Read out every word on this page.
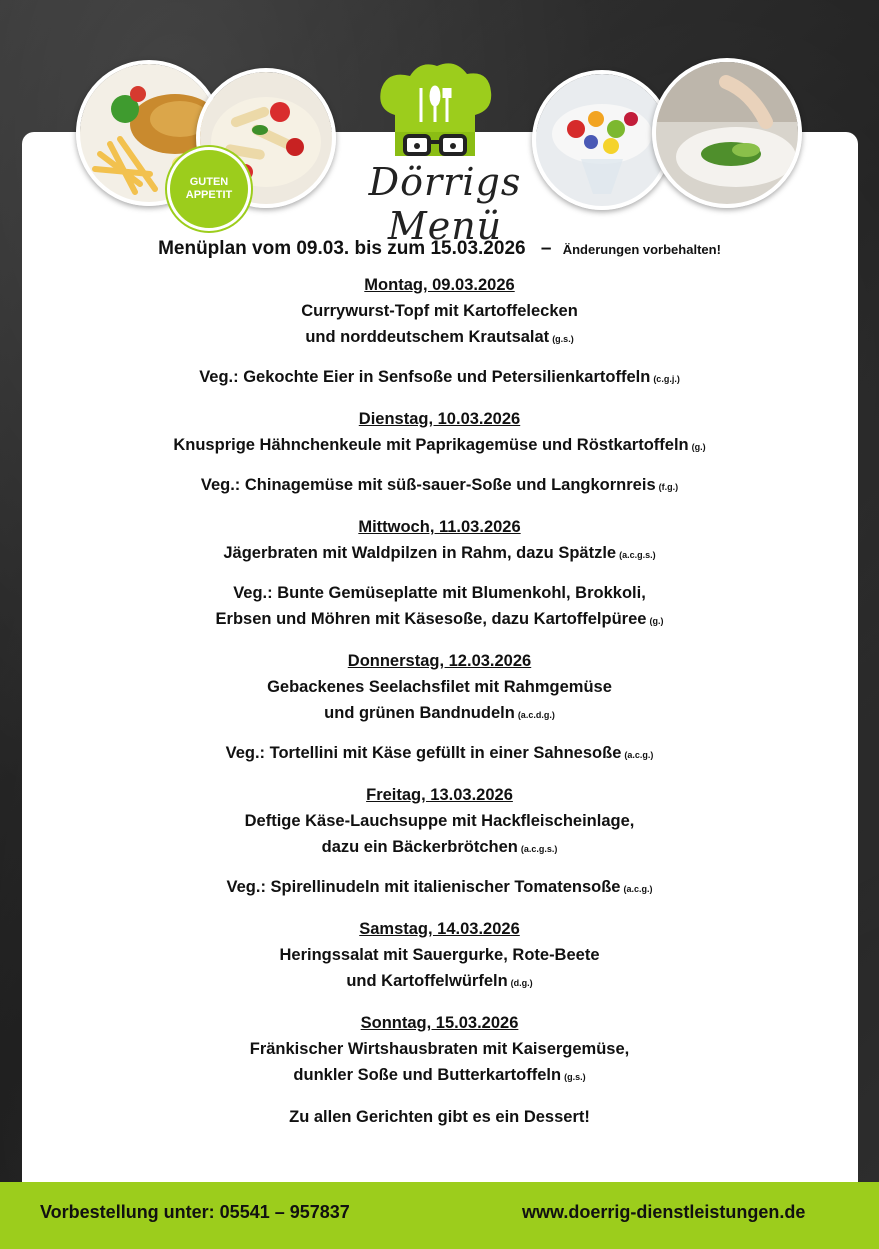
GUTEN
APPETIT	Dörrigs Menü
Menüplan vom 09.03. bis zum 15.03.2026 – Änderungen vorbehalten!
Montag, 09.03.2026
Currywurst-Topf mit Kartoffelecken
und norddeutschem Krautsalat (g.s.)
Veg.: Gekochte Eier in Senfsoße und Petersilienkartoffeln (c.g.j.)
Dienstag, 10.03.2026
Knusprige Hähnchenkeule mit Paprikagemüse und Röstkartoffeln (g.)
Veg.: Chinagemüse mit süß-sauer-Soße und Langkornreis (f.g.)
Mittwoch, 11.03.2026
Jägerbraten mit Waldpilzen in Rahm, dazu Spätzle (a.c.g.s.)
Veg.: Bunte Gemüseplatte mit Blumenkohl, Brokkoli,
Erbsen und Möhren mit Käsesoße, dazu Kartoffelpüree (g.)
Donnerstag, 12.03.2026
Gebackenes Seelachsfilet mit Rahmgemüse
und grünen Bandnudeln (a.c.d.g.)
Veg.: Tortellini mit Käse gefüllt in einer Sahnesoße (a.c.g.)
Freitag, 13.03.2026
Deftige Käse-Lauchsuppe mit Hackfleischeinlage,
dazu ein Bäckerbrötchen (a.c.g.s.)
Veg.: Spirellinudeln mit italienischer Tomatensoße (a.c.g.)
Samstag, 14.03.2026
Heringssalat mit Sauergurke, Rote-Beete
und Kartoffelwürfeln (d.g.)
Sonntag, 15.03.2026
Fränkischer Wirtshausbraten mit Kaisergemüse,
dunkler Soße und Butterkartoffeln (g.s.)
Zu allen Gerichten gibt es ein Dessert!
Vorbestellung unter: 05541 – 957837	www.doerrig-dienstleistungen.de
